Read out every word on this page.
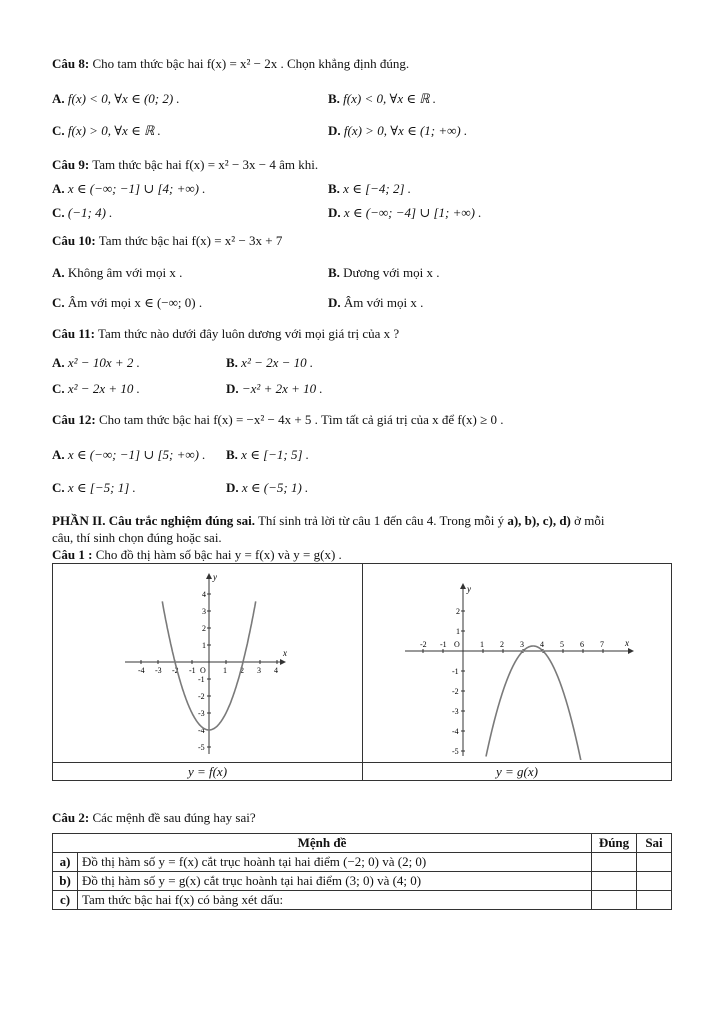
Câu 8: Cho tam thức bậc hai f(x) = x² − 2x . Chọn khẳng định đúng.
A. f(x) < 0, ∀x ∈ (0; 2) .	B. f(x) < 0, ∀x ∈ ℝ .
C. f(x) > 0, ∀x ∈ ℝ .	D. f(x) > 0, ∀x ∈ (1; +∞) .
Câu 9: Tam thức bậc hai f(x) = x² − 3x − 4 âm khi.
A. x ∈ (−∞; −1] ∪ [4; +∞) .	B. x ∈ [−4; 2] .
C. (−1; 4) .	D. x ∈ (−∞; −4] ∪ [1; +∞) .
Câu 10: Tam thức bậc hai f(x) = x² − 3x + 7
A. Không âm với mọi x .	B. Dương với mọi x .
C. Âm với mọi x ∈ (−∞; 0) .	D. Âm với mọi x .
Câu 11: Tam thức nào dưới đây luôn dương với mọi giá trị của x ?
A. x² − 10x + 2 .	B. x² − 2x − 10 .
C. x² − 2x + 10 .	D. −x² + 2x + 10 .
Câu 12: Cho tam thức bậc hai f(x) = −x² − 4x + 5 . Tìm tất cả giá trị của x để f(x) ≥ 0 .
A. x ∈ (−∞; −1] ∪ [5; +∞) . B. x ∈ [−1; 5] .
C. x ∈ [−5; 1] .	D. x ∈ (−5; 1) .
PHẦN II. Câu trắc nghiệm đúng sai. Thí sinh trả lời từ câu 1 đến câu 4. Trong mỗi ý a), b), c), d) ở mỗi
câu, thí sinh chọn đúng hoặc sai.
Câu 1 : Cho đồ thị hàm số bậc hai y = f(x) và y = g(x) .
-4 -3 -2 -1 O 1 2 3 4
4
3
2
1
-1
-2
-3
-4
-5
x
y
-2 -1 O	1 2 3 4 5 6 7
2
1
-1
-2
-3
-4
-5
x
y
y = f(x)	y = g(x)
Câu 2: Các mệnh đề sau đúng hay sai?
Mệnh đề		Đúng	Sai
a)	Đồ thị hàm số y = f(x) cắt trục hoành tại hai điểm (−2; 0) và (2; 0)		
b)	Đồ thị hàm số y = g(x) cắt trục hoành tại hai điểm (3; 0) và (4; 0)		
c)	Tam thức bậc hai f(x) có bảng xét dấu:		
